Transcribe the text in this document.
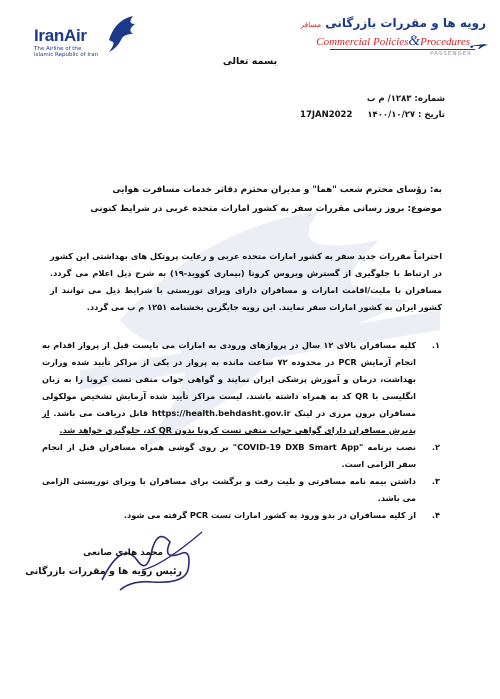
IranAir
The Airline of the
Islamic Republic of Iran
رویه ها و مقررات بازرگانی مسافر
Commercial Policies&Procedures
PASSENGER
بسمه تعالی
شماره: ۱۲۸۳/ م ب
تاریخ : ۱۴۰۰/۱۰/۲۷ 17JAN2022
به: رؤسای محترم شعب "هما" و مدیران محترم دفاتر خدمات مسافرت هوایی
موضوع: بروز رسانی مقررات سفر به کشور امارات متحده عربی در شرایط کنونی
احتراماً مقررات جدید سفر به کشور امارات متحده عربی و رعایت پروتکل های بهداشتی این کشور در ارتباط با جلوگیری از گسترش ویروس کرونا (بیماری کووید-۱۹) به شرح ذیل اعلام می گردد. مسافران با ملیت/اقامت امارات و مسافران دارای ویزای توریستی با شرایط ذیل می توانند از کشور ایران به کشور امارات سفر نمایند. این رویه جایگزین بخشنامه ۱۲۵۱ م ب می گردد.
۱.
کلیه مسافران بالای ۱۲ سال در پروازهای ورودی به امارات می بایست قبل از پرواز اقدام به انجام آزمایش PCR در محدوده ۷۲ ساعت مانده به پرواز در یکی از مراکز تأیید شده وزارت بهداشت، درمان و آموزش پزشکی ایران نمایند و گواهی جواب منفی تست کرونا را به زبان انگلیسی با QR کد به همراه داشته باشند. لیست مراکز تأیید شده آزمایش تشخیص مولکولی مسافران برون مرزی در لینک https://health.behdasht.gov.ir قابل دریافت می باشد. از پذیرش مسافران دارای گواهی جواب منفی تست کرونا بدون QR کد، جلوگیری خواهد شد.
۲.
نصب برنامه "COVID-19 DXB Smart App" بر روی گوشی همراه مسافران قبل از انجام سفر الزامی است.
۳.
داشتن بیمه نامه مسافرتی و بلیت رفت و برگشت برای مسافران با ویزای توریستی الزامی می باشد.
۴.
از کلیه مسافران در بدو ورود به کشور امارات تست PCR گرفته می شود.
محمد هادی صانعی
رئیس رویه ها و مقررات بازرگانی
